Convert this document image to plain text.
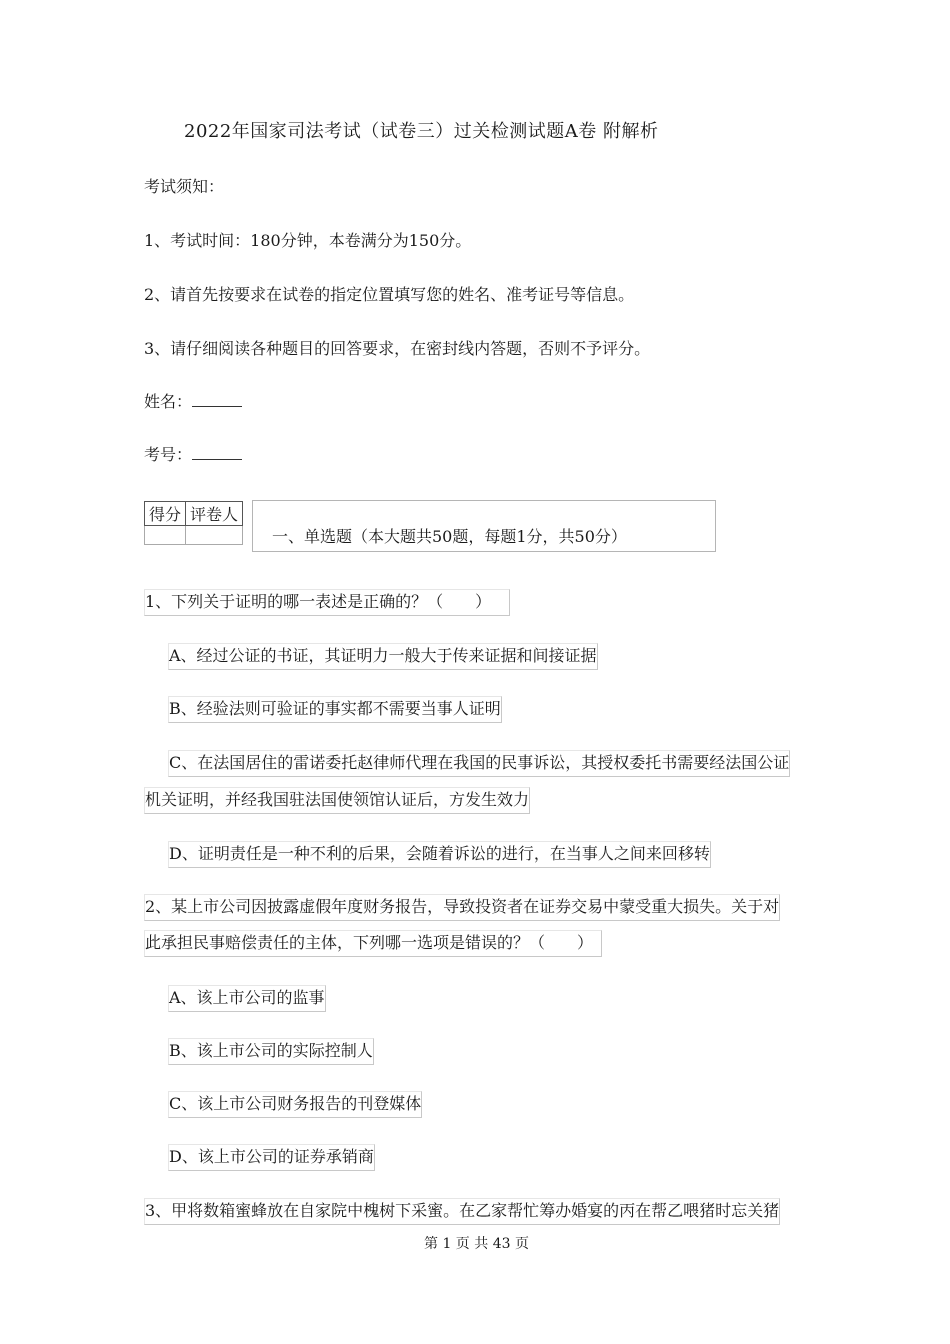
2022年国家司法考试（试卷三）过关检测试题A卷 附解析
考试须知：
1、考试时间：180分钟，本卷满分为150分。
2、请首先按要求在试卷的指定位置填写您的姓名、准考证号等信息。
3、请仔细阅读各种题目的回答要求，在密封线内答题，否则不予评分。
姓名：
考号：
得分	评卷人

一、单选题（本大题共50题，每题1分，共50分）
1、下列关于证明的哪一表述是正确的？（　　）
A、经过公证的书证，其证明力一般大于传来证据和间接证据
B、经验法则可验证的事实都不需要当事人证明
C、在法国居住的雷诺委托赵律师代理在我国的民事诉讼，其授权委托书需要经法国公证
机关证明，并经我国驻法国使领馆认证后，方发生效力
D、证明责任是一种不利的后果，会随着诉讼的进行，在当事人之间来回移转
2、某上市公司因披露虚假年度财务报告，导致投资者在证券交易中蒙受重大损失。关于对
此承担民事赔偿责任的主体，下列哪一选项是错误的？（　　）
A、该上市公司的监事
B、该上市公司的实际控制人
C、该上市公司财务报告的刊登媒体
D、该上市公司的证券承销商
3、甲将数箱蜜蜂放在自家院中槐树下采蜜。在乙家帮忙筹办婚宴的丙在帮乙喂猪时忘关猪
第 1 页 共 43 页
